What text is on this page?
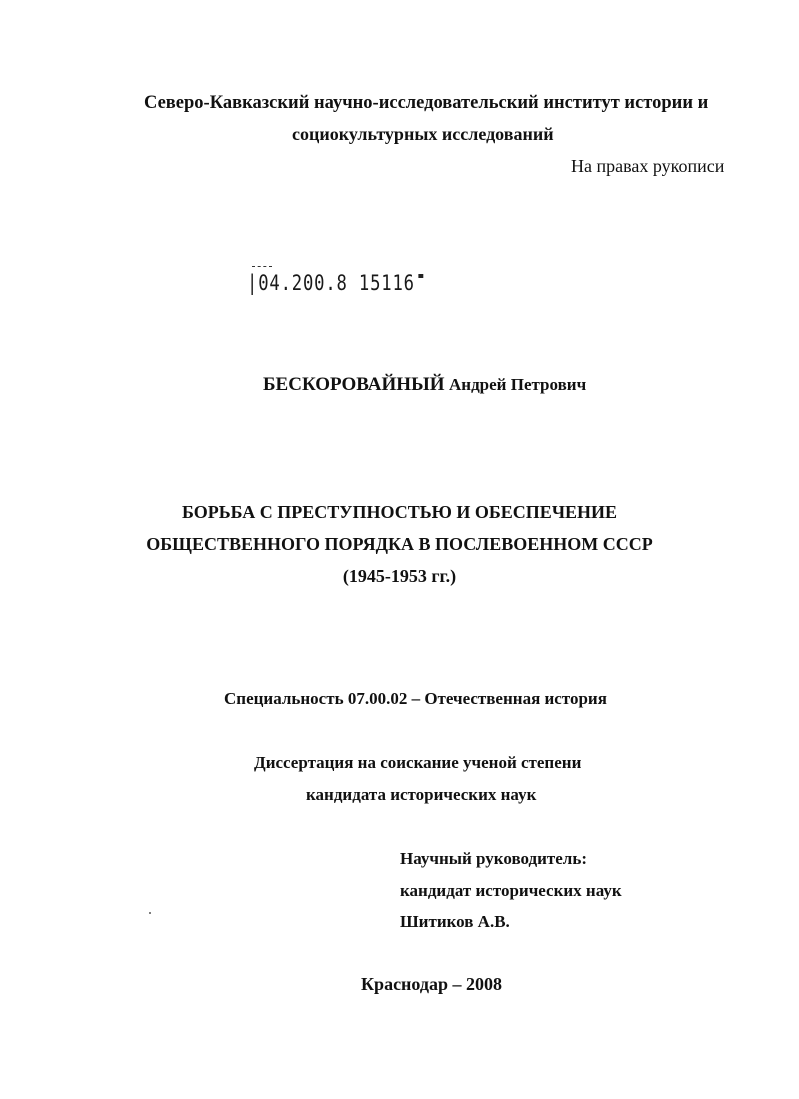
Северо-Кавказский научно-исследовательский институт истории и
социокультурных исследований
На правах рукописи
|04.200.8 15116
БЕСКОРОВАЙНЫЙ Андрей Петрович
БОРЬБА С ПРЕСТУПНОСТЬЮ И ОБЕСПЕЧЕНИЕ
ОБЩЕСТВЕННОГО ПОРЯДКА В ПОСЛЕВОЕННОМ СССР
(1945-1953 гг.)
Специальность 07.00.02 – Отечественная история
Диссертация на соискание ученой степени
кандидата исторических наук
Научный руководитель:
кандидат исторических наук
Шитиков А.В.
Краснодар – 2008
